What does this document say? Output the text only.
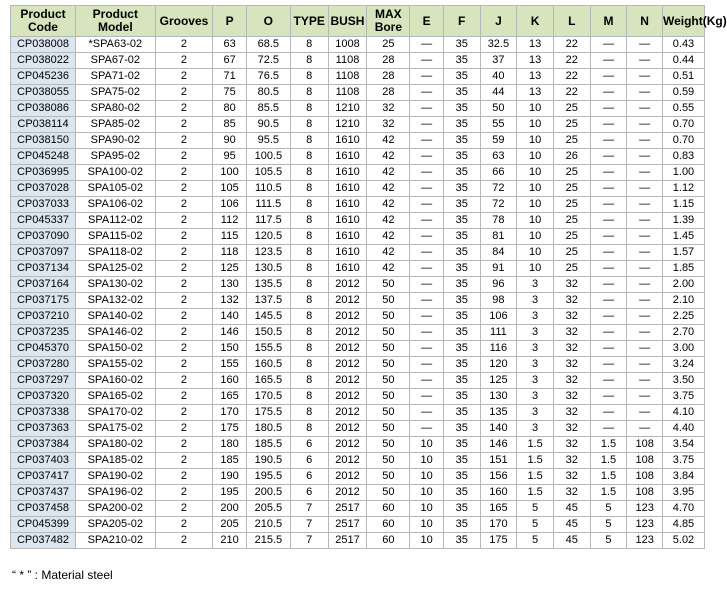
Product Code	Product Model	Grooves	P	O	TYPE	BUSH	MAX Bore	E	F	J	K	L	M	N	Weight(Kg)
CP038008	*SPA63-02	2	63	68.5	8	1008	25	—	35	32.5	13	22	—	—	0.43
CP038022	SPA67-02	2	67	72.5	8	1108	28	—	35	37	13	22	—	—	0.44
CP045236	SPA71-02	2	71	76.5	8	1108	28	—	35	40	13	22	—	—	0.51
CP038055	SPA75-02	2	75	80.5	8	1108	28	—	35	44	13	22	—	—	0.59
CP038086	SPA80-02	2	80	85.5	8	1210	32	—	35	50	10	25	—	—	0.55
CP038114	SPA85-02	2	85	90.5	8	1210	32	—	35	55	10	25	—	—	0.70
CP038150	SPA90-02	2	90	95.5	8	1610	42	—	35	59	10	25	—	—	0.70
CP045248	SPA95-02	2	95	100.5	8	1610	42	—	35	63	10	26	—	—	0.83
CP036995	SPA100-02	2	100	105.5	8	1610	42	—	35	66	10	25	—	—	1.00
CP037028	SPA105-02	2	105	110.5	8	1610	42	—	35	72	10	25	—	—	1.12
CP037033	SPA106-02	2	106	111.5	8	1610	42	—	35	72	10	25	—	—	1.15
CP045337	SPA112-02	2	112	117.5	8	1610	42	—	35	78	10	25	—	—	1.39
CP037090	SPA115-02	2	115	120.5	8	1610	42	—	35	81	10	25	—	—	1.45
CP037097	SPA118-02	2	118	123.5	8	1610	42	—	35	84	10	25	—	—	1.57
CP037134	SPA125-02	2	125	130.5	8	1610	42	—	35	91	10	25	—	—	1.85
CP037164	SPA130-02	2	130	135.5	8	2012	50	—	35	96	3	32	—	—	2.00
CP037175	SPA132-02	2	132	137.5	8	2012	50	—	35	98	3	32	—	—	2.10
CP037210	SPA140-02	2	140	145.5	8	2012	50	—	35	106	3	32	—	—	2.25
CP037235	SPA146-02	2	146	150.5	8	2012	50	—	35	111	3	32	—	—	2.70
CP045370	SPA150-02	2	150	155.5	8	2012	50	—	35	116	3	32	—	—	3.00
CP037280	SPA155-02	2	155	160.5	8	2012	50	—	35	120	3	32	—	—	3.24
CP037297	SPA160-02	2	160	165.5	8	2012	50	—	35	125	3	32	—	—	3.50
CP037320	SPA165-02	2	165	170.5	8	2012	50	—	35	130	3	32	—	—	3.75
CP037338	SPA170-02	2	170	175.5	8	2012	50	—	35	135	3	32	—	—	4.10
CP037363	SPA175-02	2	175	180.5	8	2012	50	—	35	140	3	32	—	—	4.40
CP037384	SPA180-02	2	180	185.5	6	2012	50	10	35	146	1.5	32	1.5	108	3.54
CP037403	SPA185-02	2	185	190.5	6	2012	50	10	35	151	1.5	32	1.5	108	3.75
CP037417	SPA190-02	2	190	195.5	6	2012	50	10	35	156	1.5	32	1.5	108	3.84
CP037437	SPA196-02	2	195	200.5	6	2012	50	10	35	160	1.5	32	1.5	108	3.95
CP037458	SPA200-02	2	200	205.5	7	2517	60	10	35	165	5	45	5	123	4.70
CP045399	SPA205-02	2	205	210.5	7	2517	60	10	35	170	5	45	5	123	4.85
CP037482	SPA210-02	2	210	215.5	7	2517	60	10	35	175	5	45	5	123	5.02
“ * ” : Material steel
